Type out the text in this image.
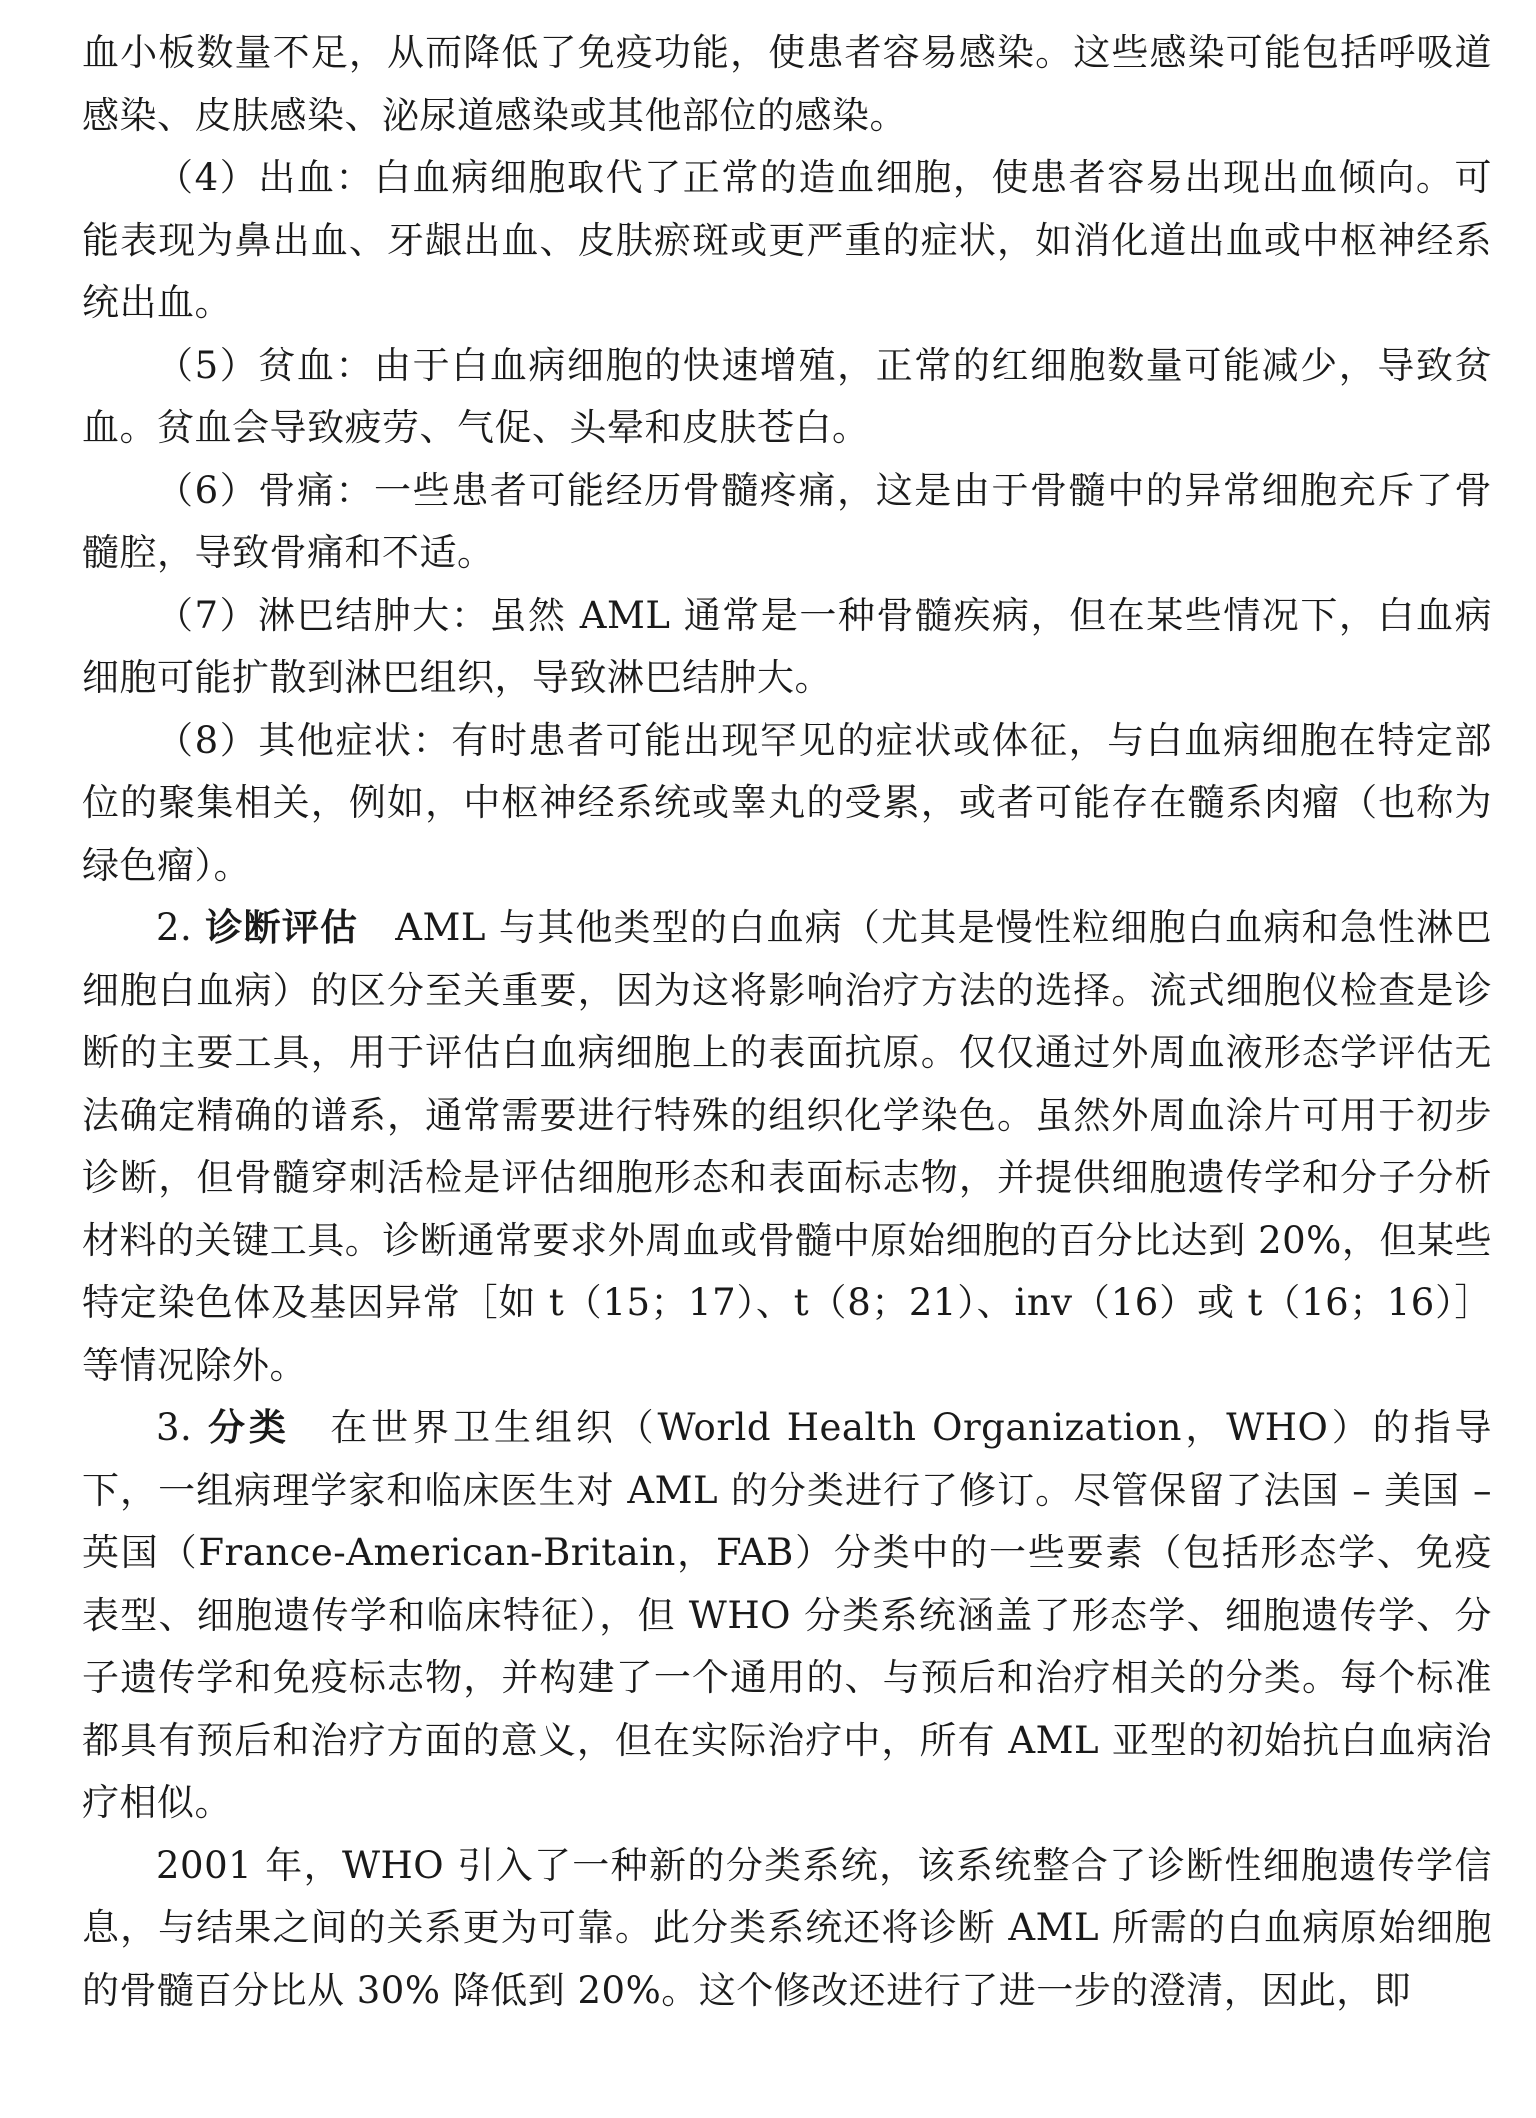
血小板数量不足，从而降低了免疫功能，使患者容易感染。这些感染可能包括呼吸道感染、皮肤感染、泌尿道感染或其他部位的感染。

（4）出血：白血病细胞取代了正常的造血细胞，使患者容易出现出血倾向。可能表现为鼻出血、牙龈出血、皮肤瘀斑或更严重的症状，如消化道出血或中枢神经系统出血。

（5）贫血：由于白血病细胞的快速增殖，正常的红细胞数量可能减少，导致贫血。贫血会导致疲劳、气促、头晕和皮肤苍白。

（6）骨痛：一些患者可能经历骨髓疼痛，这是由于骨髓中的异常细胞充斥了骨髓腔，导致骨痛和不适。

（7）淋巴结肿大：虽然 AML 通常是一种骨髓疾病，但在某些情况下，白血病细胞可能扩散到淋巴组织，导致淋巴结肿大。

（8）其他症状：有时患者可能出现罕见的症状或体征，与白血病细胞在特定部位的聚集相关，例如，中枢神经系统或睾丸的受累，或者可能存在髓系肉瘤（也称为绿色瘤）。

2. 诊断评估 AML 与其他类型的白血病（尤其是慢性粒细胞白血病和急性淋巴细胞白血病）的区分至关重要，因为这将影响治疗方法的选择。流式细胞仪检查是诊断的主要工具，用于评估白血病细胞上的表面抗原。仅仅通过外周血液形态学评估无法确定精确的谱系，通常需要进行特殊的组织化学染色。虽然外周血涂片可用于初步诊断，但骨髓穿刺活检是评估细胞形态和表面标志物，并提供细胞遗传学和分子分析材料的关键工具。诊断通常要求外周血或骨髓中原始细胞的百分比达到 20%，但某些特定染色体及基因异常［如 t（15；17）、t（8；21）、inv（16）或 t（16；16）］等情况除外。

3. 分类 在世界卫生组织（World Health Organization，WHO）的指导下，一组病理学家和临床医生对 AML 的分类进行了修订。尽管保留了法国 – 美国 – 英国（France-American-Britain，FAB）分类中的一些要素（包括形态学、免疫表型、细胞遗传学和临床特征），但 WHO 分类系统涵盖了形态学、细胞遗传学、分子遗传学和免疫标志物，并构建了一个通用的、与预后和治疗相关的分类。每个标准都具有预后和治疗方面的意义，但在实际治疗中，所有 AML 亚型的初始抗白血病治疗相似。

2001 年，WHO 引入了一种新的分类系统，该系统整合了诊断性细胞遗传学信息，与结果之间的关系更为可靠。此分类系统还将诊断 AML 所需的白血病原始细胞的骨髓百分比从 30% 降低到 20%。这个修改还进行了进一步的澄清，因此，即
